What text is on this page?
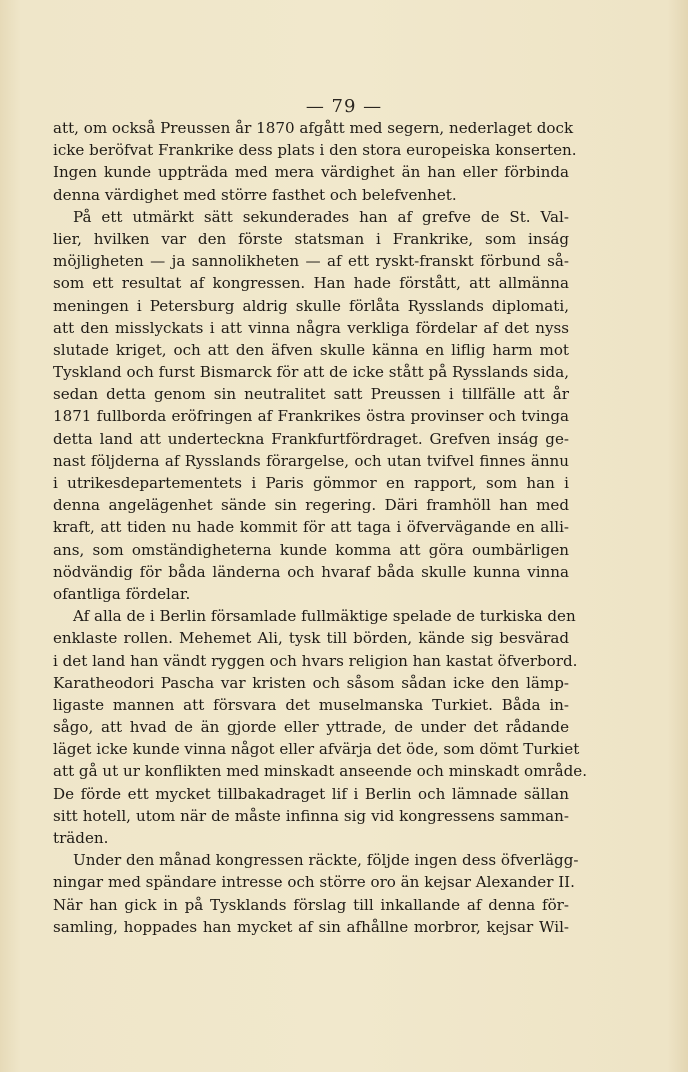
— 79 —
att, om också Preussen år 1870 afgått med segern, nederlaget dock
icke beröfvat Frankrike dess plats i den stora europeiska konserten.
Ingen kunde uppträda med mera värdighet än han eller förbinda
denna värdighet med större fasthet och belefvenhet.
På ett utmärkt sätt sekunderades han af grefve de St. Val-
lier, hvilken var den förste statsman i Frankrike, som inság
möjligheten — ja sannolikheten — af ett ryskt-franskt förbund så-
som ett resultat af kongressen. Han hade förstått, att allmänna
meningen i Petersburg aldrig skulle förlåta Rysslands diplomati,
att den misslyckats i att vinna några verkliga fördelar af det nyss
slutade kriget, och att den äfven skulle känna en liflig harm mot
Tyskland och furst Bismarck för att de icke stått på Rysslands sida,
sedan detta genom sin neutralitet satt Preussen i tillfälle att år
1871 fullborda eröfringen af Frankrikes östra provinser och tvinga
detta land att underteckna Frankfurtfördraget. Grefven inság ge-
nast följderna af Rysslands förargelse, och utan tvifvel finnes ännu
i utrikesdepartementets i Paris gömmor en rapport, som han i
denna angelägenhet sände sin regering. Däri framhöll han med
kraft, att tiden nu hade kommit för att taga i öfvervägande en alli-
ans, som omständigheterna kunde komma att göra oumbärligen
nödvändig för båda länderna och hvaraf båda skulle kunna vinna
ofantliga fördelar.
Af alla de i Berlin församlade fullmäktige spelade de turkiska den
enklaste rollen. Mehemet Ali, tysk till börden, kände sig besvärad
i det land han vändt ryggen och hvars religion han kastat öfverbord.
Karatheodori Pascha var kristen och såsom sådan icke den lämp-
ligaste mannen att försvara det muselmanska Turkiet. Båda in-
sågo, att hvad de än gjorde eller yttrade, de under det rådande
läget icke kunde vinna något eller afvärja det öde, som dömt Turkiet
att gå ut ur konflikten med minskadt anseende och minskadt område.
De förde ett mycket tillbakadraget lif i Berlin och lämnade sällan
sitt hotell, utom när de måste infinna sig vid kongressens samman-
träden.
Under den månad kongressen räckte, följde ingen dess öfverlägg-
ningar med spändare intresse och större oro än kejsar Alexander II.
När han gick in på Tysklands förslag till inkallande af denna för-
samling, hoppades han mycket af sin afhållne morbror, kejsar Wil-
